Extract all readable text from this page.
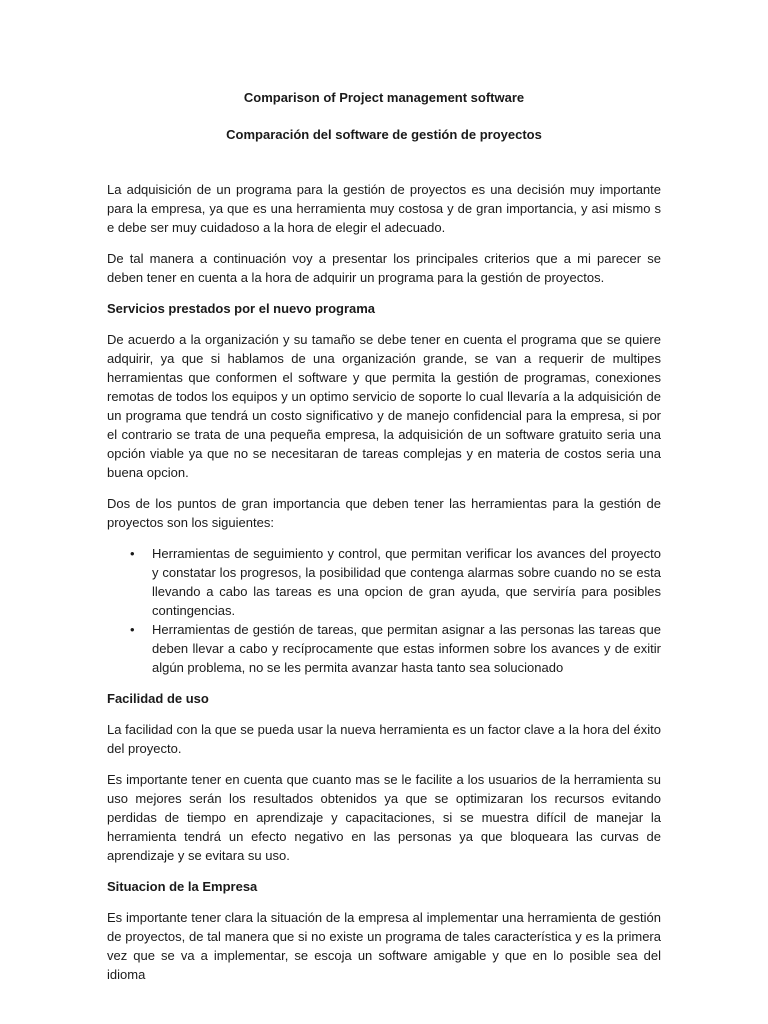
Comparison of Project management software
Comparación del software de gestión de proyectos

La adquisición de un programa para la gestión de proyectos es una decisión muy importante para la empresa, ya que es una herramienta muy costosa y de gran importancia, y asi mismo s e debe ser muy cuidadoso a la hora de elegir el adecuado.

De tal manera a continuación voy a presentar los principales criterios que a mi parecer se deben tener en cuenta a la hora de adquirir un programa para la gestión de proyectos.

Servicios prestados por el nuevo programa

De acuerdo a la organización y su tamaño se debe tener en cuenta el programa que se quiere adquirir, ya que si hablamos de una organización grande, se van a requerir de multipes herramientas que conformen el software y que permita la gestión de programas, conexiones remotas de todos los equipos y un optimo servicio de soporte lo cual llevaría a la adquisición de un programa que tendrá un costo significativo y de manejo confidencial para la empresa, si por el contrario se trata de una pequeña empresa, la adquisición de un software gratuito seria una opción viable ya que no se necesitaran de tareas complejas y en materia de costos seria una buena opcion.

Dos de los puntos de gran importancia que deben tener las herramientas para la gestión de proyectos son los siguientes:

• Herramientas de seguimiento y control, que permitan verificar los avances del proyecto y constatar los progresos, la posibilidad que contenga alarmas sobre cuando no se esta llevando a cabo las tareas es una opcion de gran ayuda, que serviría para posibles contingencias.
• Herramientas de gestión de tareas, que permitan asignar a las personas las tareas que deben llevar a cabo y recíprocamente que estas informen sobre los avances y de exitir algún problema, no se les permita avanzar hasta tanto sea solucionado
Facilidad de uso

La facilidad con la que se pueda usar la nueva herramienta es un factor clave a la hora del éxito del proyecto.

Es importante tener en cuenta que cuanto mas se le facilite a los usuarios de la herramienta su uso mejores serán los resultados obtenidos ya que se optimizaran los recursos evitando perdidas de tiempo en aprendizaje y capacitaciones, si se muestra difícil de manejar la herramienta tendrá un efecto negativo en las personas ya que bloqueara las curvas de aprendizaje y se evitara su uso.

Situacion de la Empresa

Es importante tener clara la situación de la empresa al implementar una herramienta de gestión de proyectos, de tal manera que si no existe un programa de tales característica y es la primera vez que se va a implementar, se escoja un software amigable y que en lo posible sea del idioma
